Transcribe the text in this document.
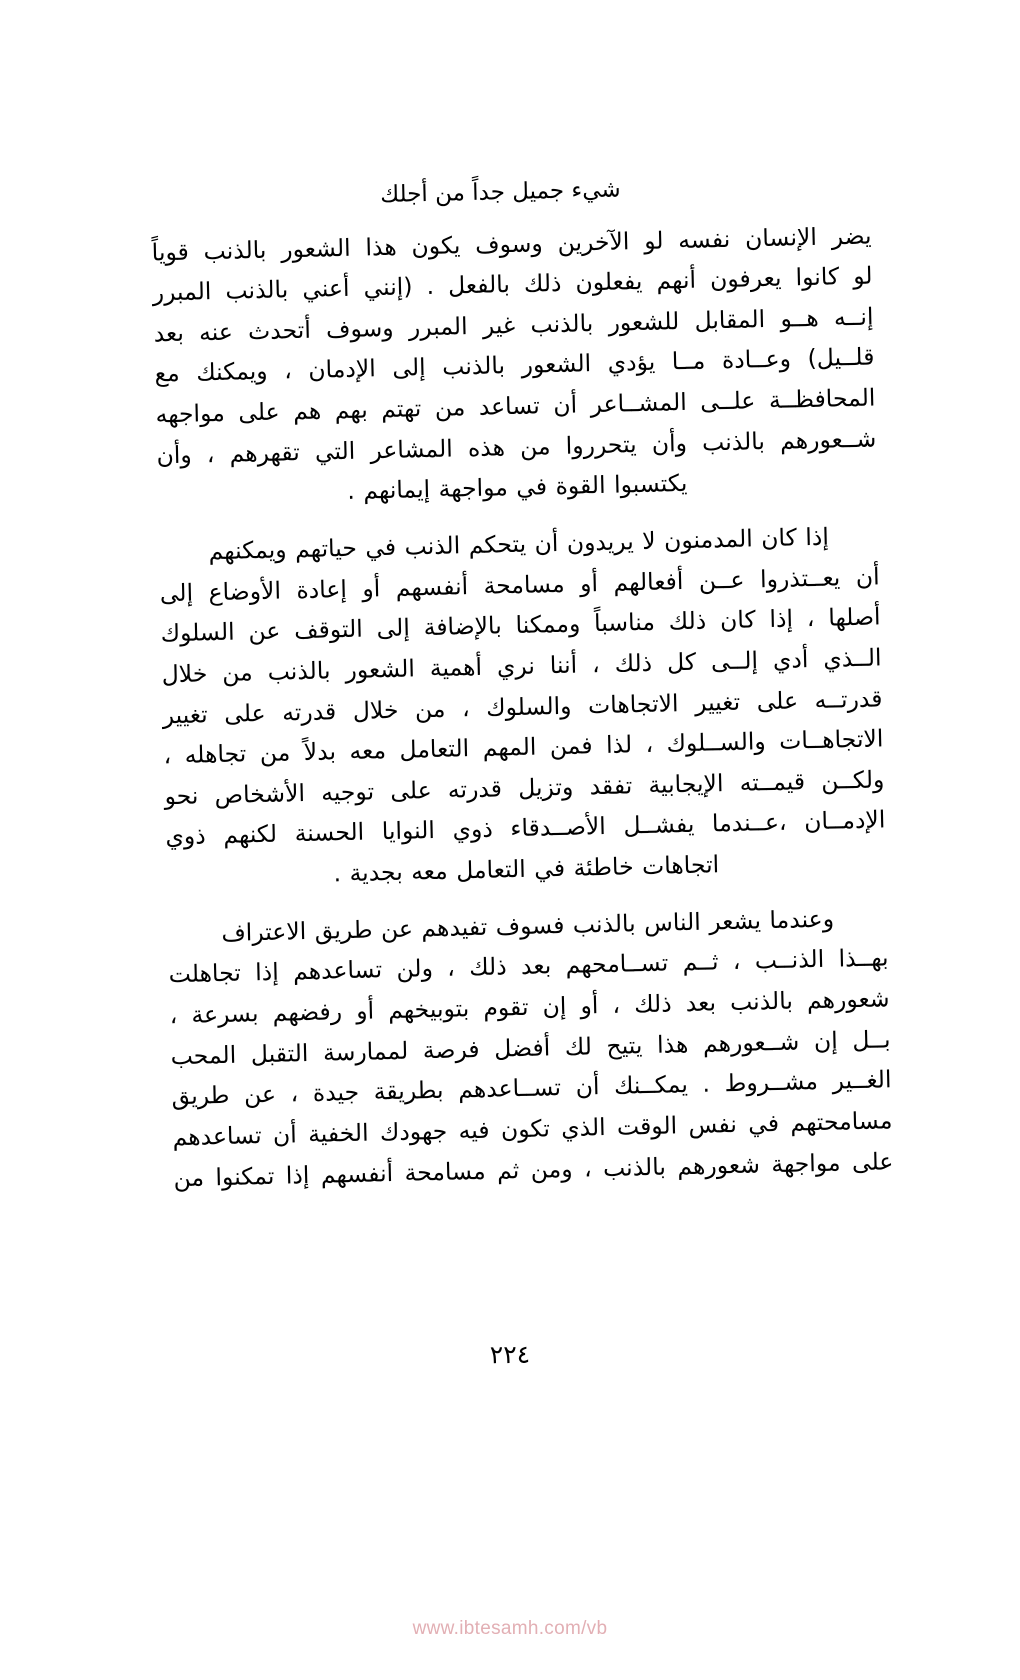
شيء جميل جداً من أجلك
يضر الإنسان نفسه لو الآخرين وسوف يكون هذا الشعور بالذنب قوياً
لو كانوا يعرفون أنهم يفعلون ذلك بالفعل . (إنني أعني بالذنب المبرر
إنــه هــو المقابل للشعور بالذنب غير المبرر وسوف أتحدث عنه بعد
قلــيل) وعــادة مــا يؤدي الشعور بالذنب إلى الإدمان ، ويمكنك مع
المحافظــة علــى المشــاعر أن تساعد من تهتم بهم هم على مواجهه
شــعورهم بالذنب وأن يتحرروا من هذه المشاعر التي تقهرهم ، وأن
يكتسبوا القوة في مواجهة إيمانهم .
إذا كان المدمنون لا يريدون أن يتحكم الذنب في حياتهم ويمكنهم
أن يعــتذروا عــن أفعالهم أو مسامحة أنفسهم أو إعادة الأوضاع إلى
أصلها ، إذا كان ذلك مناسباً وممكنا بالإضافة إلى التوقف عن السلوك
الــذي أدي إلــى كل ذلك ، أننا نري أهمية الشعور بالذنب من خلال
قدرتــه على تغيير الاتجاهات والسلوك ، من خلال قدرته على تغيير
الاتجاهــات والســلوك ، لذا فمن المهم التعامل معه بدلاً من تجاهله ،
ولكــن قيمــته الإيجابية تفقد وتزيل قدرته على توجيه الأشخاص نحو
الإدمــان ،عــندما يفشــل الأصــدقاء ذوي النوايا الحسنة لكنهم ذوي
اتجاهات خاطئة في التعامل معه بجدية .
وعندما يشعر الناس بالذنب فسوف تفيدهم عن طريق الاعتراف
بهــذا الذنــب ، ثــم تســامحهم بعد ذلك ، ولن تساعدهم إذا تجاهلت
شعورهم بالذنب بعد ذلك ، أو إن تقوم بتوبيخهم أو رفضهم بسرعة ،
بــل إن شــعورهم هذا يتيح لك أفضل فرصة لممارسة التقبل المحب
الغــير مشــروط . يمكــنك أن تســاعدهم بطريقة جيدة ، عن طريق
مسامحتهم في نفس الوقت الذي تكون فيه جهودك الخفية أن تساعدهم
على مواجهة شعورهم بالذنب ، ومن ثم مسامحة أنفسهم إذا تمكنوا من
٢٢٤
www.ibtesamh.com/vb
